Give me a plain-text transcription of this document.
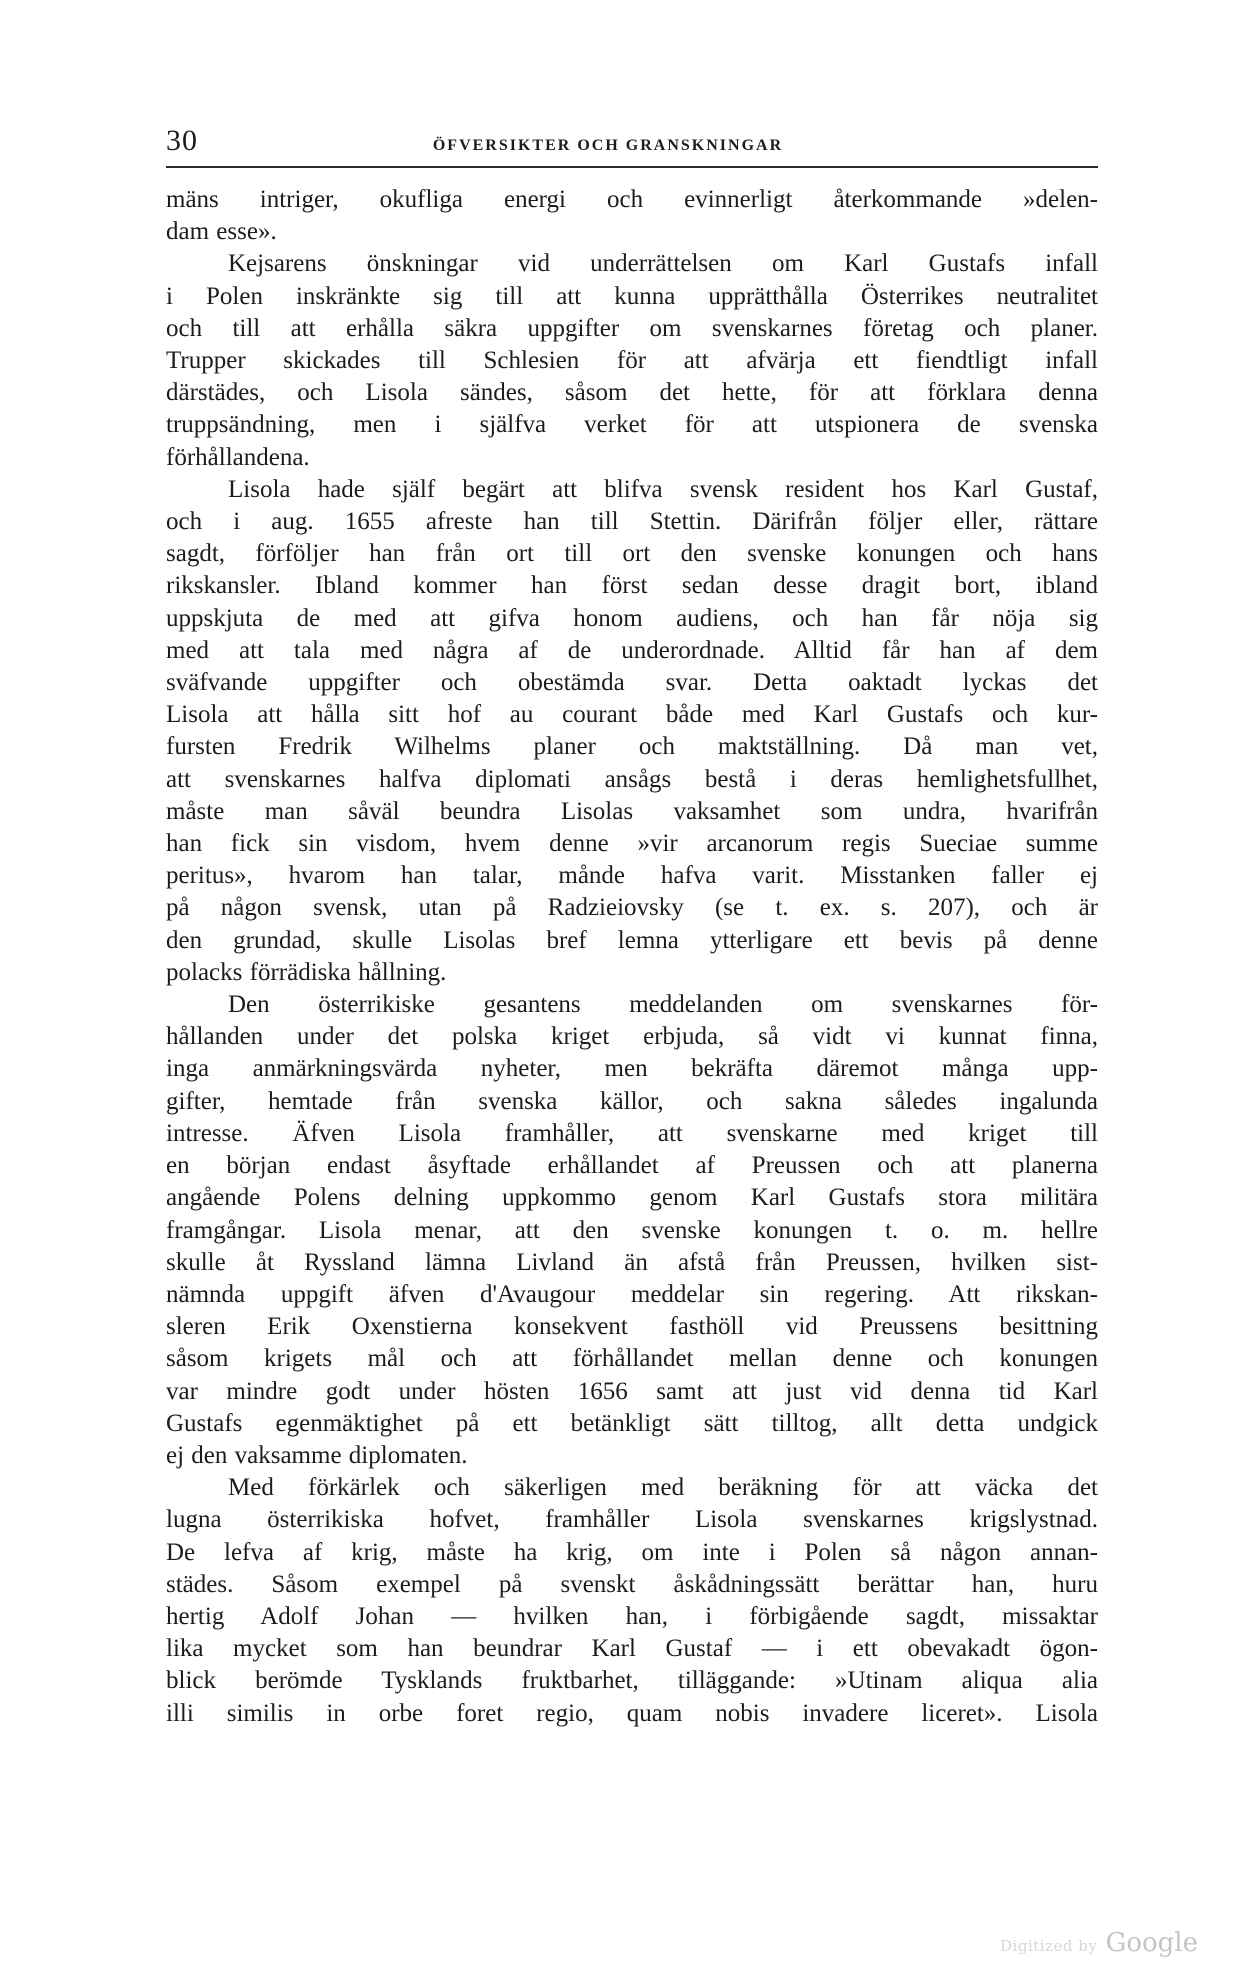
30	ÖFVERSIKTER OCH GRANSKNINGAR

mäns intriger, okufliga energi och evinnerligt återkommande »delen-
dam esse».

Kejsarens önskningar vid underrättelsen om Karl Gustafs infall
i Polen inskränkte sig till att kunna upprätthålla Österrikes neutralitet
och till att erhålla säkra uppgifter om svenskarnes företag och planer.
Trupper skickades till Schlesien för att afvärja ett fiendtligt infall
därstädes, och Lisola sändes, såsom det hette, för att förklara denna
truppsändning, men i själfva verket för att utspionera de svenska
förhållandena.

Lisola hade själf begärt att blifva svensk resident hos Karl Gustaf,
och i aug. 1655 afreste han till Stettin. Därifrån följer eller, rättare
sagdt, förföljer han från ort till ort den svenske konungen och hans
rikskansler. Ibland kommer han först sedan desse dragit bort, ibland
uppskjuta de med att gifva honom audiens, och han får nöja sig
med att tala med några af de underordnade. Alltid får han af dem
sväfvande uppgifter och obestämda svar. Detta oaktadt lyckas det
Lisola att hålla sitt hof au courant både med Karl Gustafs och kur-
fursten Fredrik Wilhelms planer och maktställning. Då man vet,
att svenskarnes halfva diplomati ansågs bestå i deras hemlighetsfullhet,
måste man såväl beundra Lisolas vaksamhet som undra, hvarifrån
han fick sin visdom, hvem denne »vir arcanorum regis Sueciae summe
peritus», hvarom han talar, månde hafva varit. Misstanken faller ej
på någon svensk, utan på Radzieiovsky (se t. ex. s. 207), och är
den grundad, skulle Lisolas bref lemna ytterligare ett bevis på denne
polacks förrädiska hållning.

Den österrikiske gesantens meddelanden om svenskarnes för-
hållanden under det polska kriget erbjuda, så vidt vi kunnat finna,
inga anmärkningsvärda nyheter, men bekräfta däremot många upp-
gifter, hemtade från svenska källor, och sakna således ingalunda
intresse. Äfven Lisola framhåller, att svenskarne med kriget till
en början endast åsyftade erhållandet af Preussen och att planerna
angående Polens delning uppkommo genom Karl Gustafs stora militära
framgångar. Lisola menar, att den svenske konungen t. o. m. hellre
skulle åt Ryssland lämna Livland än afstå från Preussen, hvilken sist-
nämnda uppgift äfven d'Avaugour meddelar sin regering. Att rikskan-
sleren Erik Oxenstierna konsekvent fasthöll vid Preussens besittning
såsom krigets mål och att förhållandet mellan denne och konungen
var mindre godt under hösten 1656 samt att just vid denna tid Karl
Gustafs egenmäktighet på ett betänkligt sätt tilltog, allt detta undgick
ej den vaksamme diplomaten.

Med förkärlek och säkerligen med beräkning för att väcka det
lugna österrikiska hofvet, framhåller Lisola svenskarnes krigslystnad.
De lefva af krig, måste ha krig, om inte i Polen så någon annan-
städes. Såsom exempel på svenskt åskådningssätt berättar han, huru
hertig Adolf Johan — hvilken han, i förbigående sagdt, missaktar
lika mycket som han beundrar Karl Gustaf — i ett obevakadt ögon-
blick berömde Tysklands fruktbarhet, tilläggande: »Utinam aliqua alia
illi similis in orbe foret regio, quam nobis invadere liceret». Lisola

Digitized by Google
